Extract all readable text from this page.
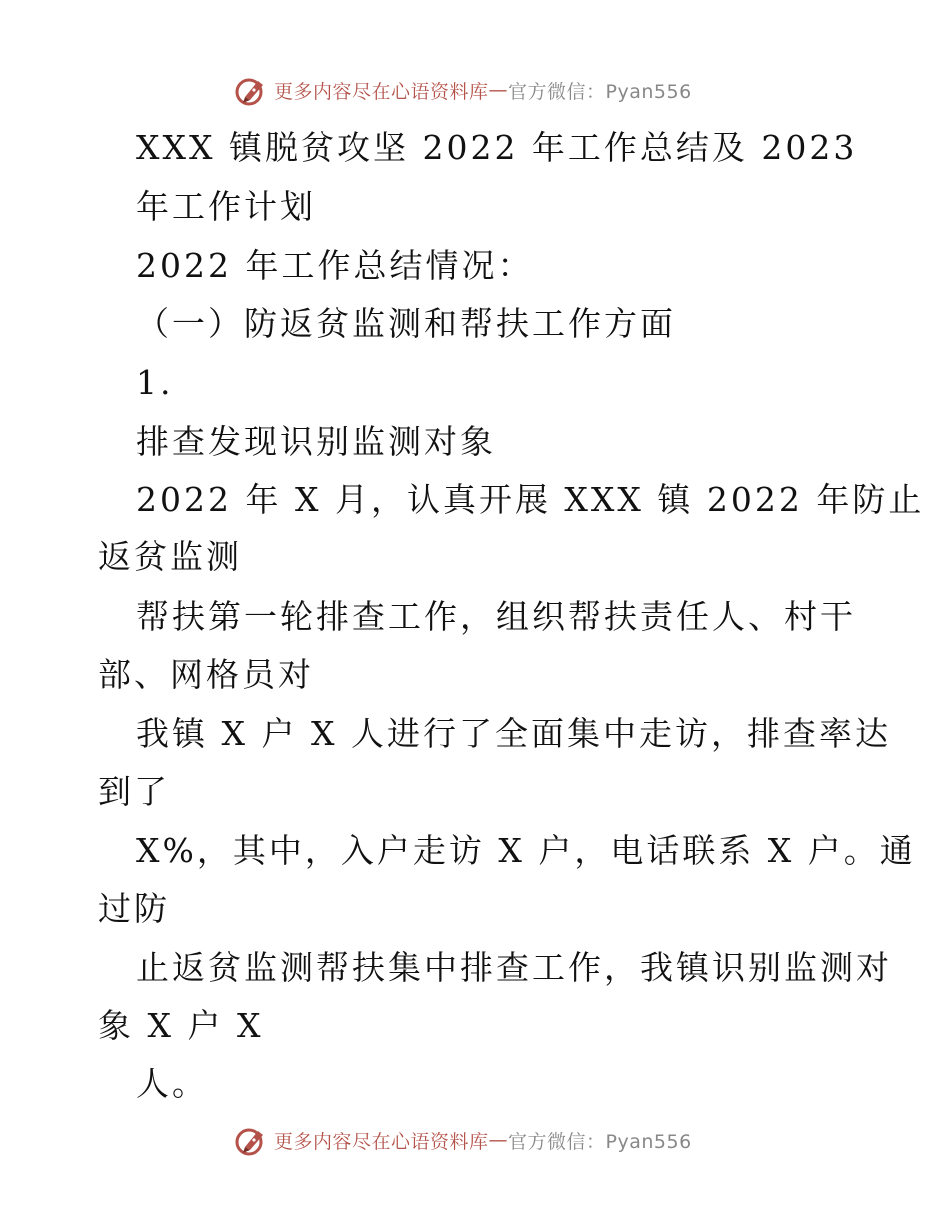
更多内容尽在心语资料库 — 官方微信：Pyan556
XXX 镇脱贫攻坚 2022 年工作总结及 2023
年工作计划
2022 年工作总结情况：
（一）防返贫监测和帮扶工作方面
1.
排查发现识别监测对象
2022 年 X 月，认真开展 XXX 镇 2022 年防止
返贫监测
帮扶第一轮排查工作，组织帮扶责任人、村干
部、网格员对
我镇 X 户 X 人进行了全面集中走访，排查率达
到了
X%，其中，入户走访 X 户，电话联系 X 户。通
过防
止返贫监测帮扶集中排查工作，我镇识别监测对
象 X 户 X
人。
更多内容尽在心语资料库 — 官方微信：Pyan556
